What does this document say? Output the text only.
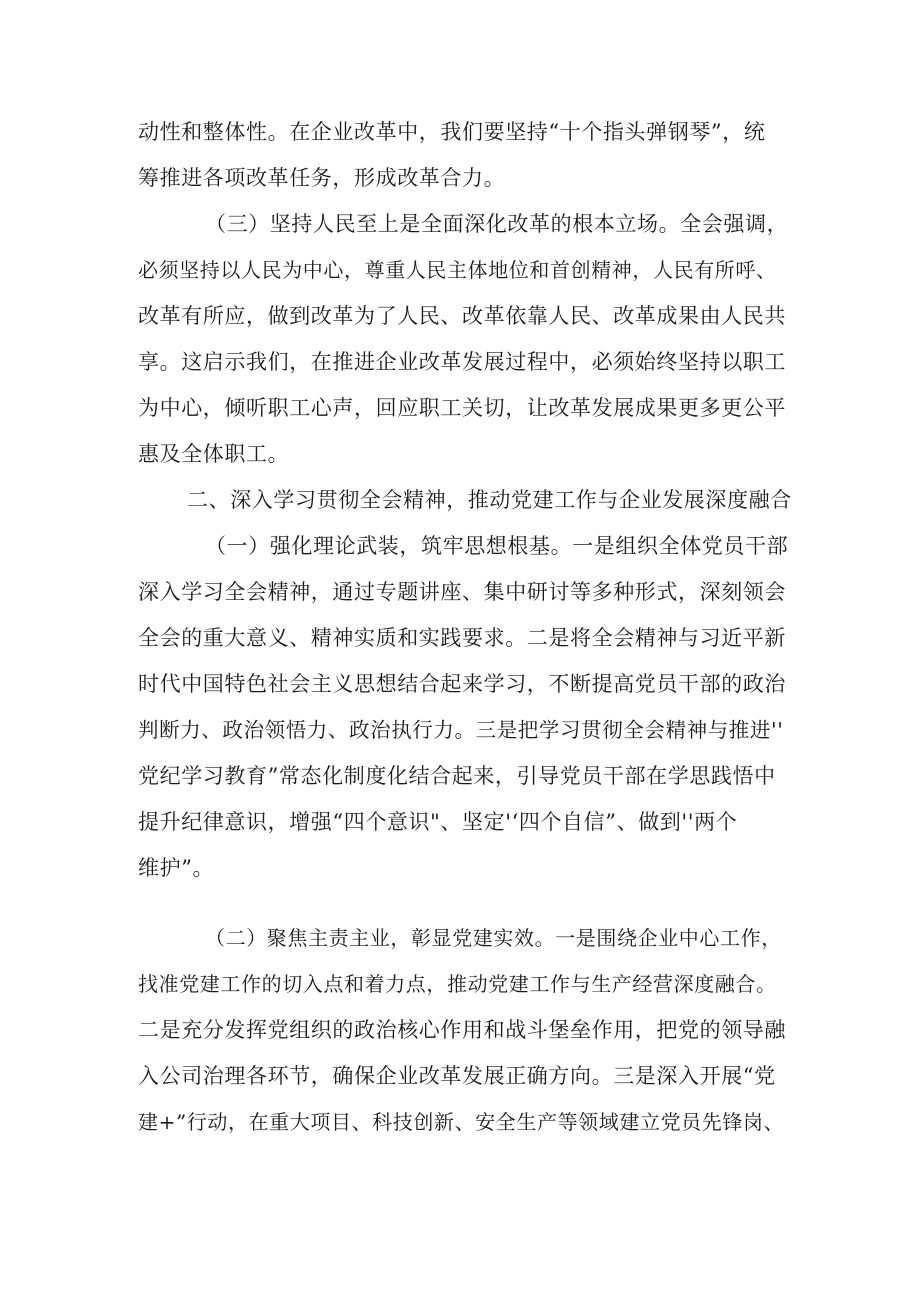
动性和整体性。在企业改革中，我们要坚持“十个指头弹钢琴”，统
筹推进各项改革任务，形成改革合力。
（三）坚持人民至上是全面深化改革的根本立场。全会强调，
必须坚持以人民为中心，尊重人民主体地位和首创精神，人民有所呼、
改革有所应，做到改革为了人民、改革依靠人民、改革成果由人民共
享。这启示我们，在推进企业改革发展过程中，必须始终坚持以职工
为中心，倾听职工心声，回应职工关切，让改革发展成果更多更公平
惠及全体职工。
二、深入学习贯彻全会精神，推动党建工作与企业发展深度融合
（一）强化理论武装，筑牢思想根基。一是组织全体党员干部
深入学习全会精神，通过专题讲座、集中研讨等多种形式，深刻领会
全会的重大意义、精神实质和实践要求。二是将全会精神与习近平新
时代中国特色社会主义思想结合起来学习，不断提高党员干部的政治
判断力、政治领悟力、政治执行力。三是把学习贯彻全会精神与推进''
党纪学习教育”常态化制度化结合起来，引导党员干部在学思践悟中
提升纪律意识，增强“四个意识"、坚定'‘四个自信”、做到''两个
维护”。
（二）聚焦主责主业，彰显党建实效。一是围绕企业中心工作，
找准党建工作的切入点和着力点，推动党建工作与生产经营深度融合。
二是充分发挥党组织的政治核心作用和战斗堡垒作用，把党的领导融
入公司治理各环节，确保企业改革发展正确方向。三是深入开展“党
建+”行动，在重大项目、科技创新、安全生产等领域建立党员先锋岗、
